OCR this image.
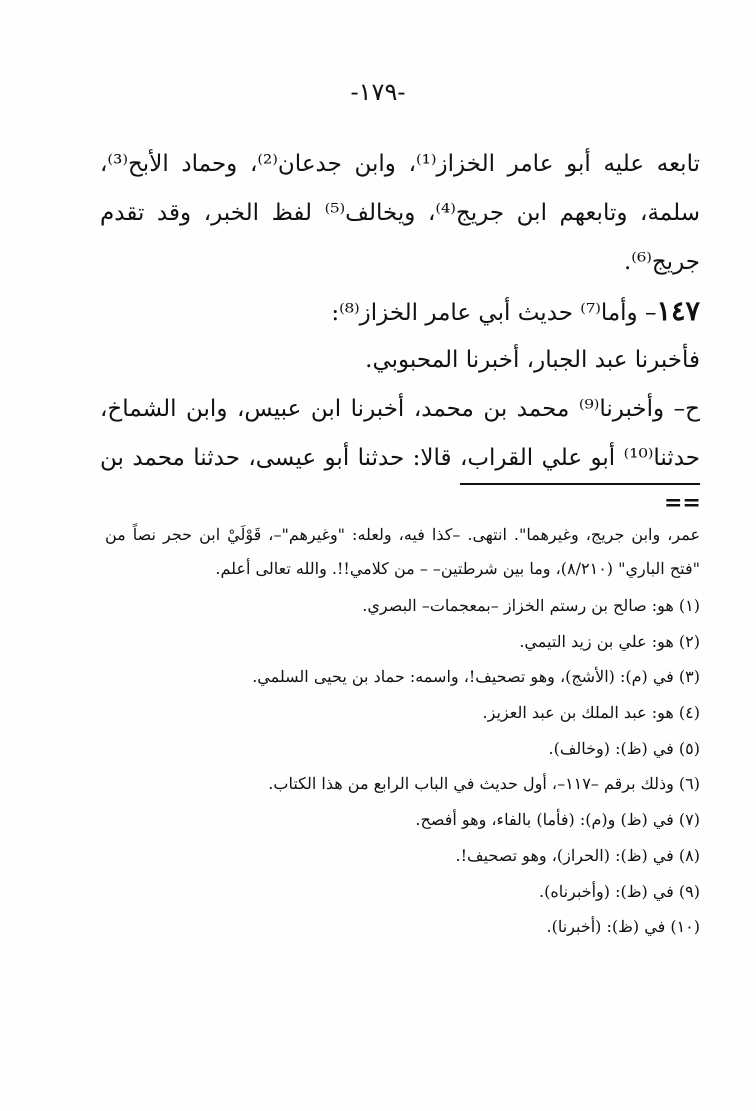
-١٧٩-
تابعه عليه أبو عامر الخزاز⁽¹⁾، وابن جدعان⁽²⁾، وحماد الأبح⁽³⁾،
سلمة، وتابعهم ابن جريج⁽⁴⁾، ويخالف⁽⁵⁾ لفظ الخبر، وقد تقدم
جريج⁽⁶⁾.
١٤٧– وأما⁽⁷⁾ حديث أبي عامر الخزاز⁽⁸⁾:
فأخبرنا عبد الجبار، أخبرنا المحبوبي.
ح– وأخبرنا⁽⁹⁾ محمد بن محمد، أخبرنا ابن عبيس، وابن الشماخ،
حدثنا⁽¹⁰⁾ أبو علي القراب، قالا: حدثنا أبو عيسى، حدثنا محمد بن
==
عمر، وابن جريج، وغيرهما". انتهى. –كذا فيه، ولعله: "وغيرهم"–، قَوْلَيْ ابن حجر نصاً من
"فتح الباري" (٨/٢١٠)، وما بين شرطتين– – من كلامي!!. والله تعالى أعلم.
(١) هو: صالح بن رستم الخزاز –بمعجمات– البصري.
(٢) هو: علي بن زيد التيمي.
(٣) في (م): (الأشج)، وهو تصحيف!، واسمه: حماد بن يحيى السلمي.
(٤) هو: عبد الملك بن عبد العزيز.
(٥) في (ظ): (وخالف).
(٦) وذلك برقم –١١٧–، أول حديث في الباب الرابع من هذا الكتاب.
(٧) في (ظ) و(م): (فأما) بالفاء، وهو أفصح.
(٨) في (ظ): (الحراز)، وهو تصحيف!.
(٩) في (ظ): (وأخبرناه).
(١٠) في (ظ): (أخبرنا).
